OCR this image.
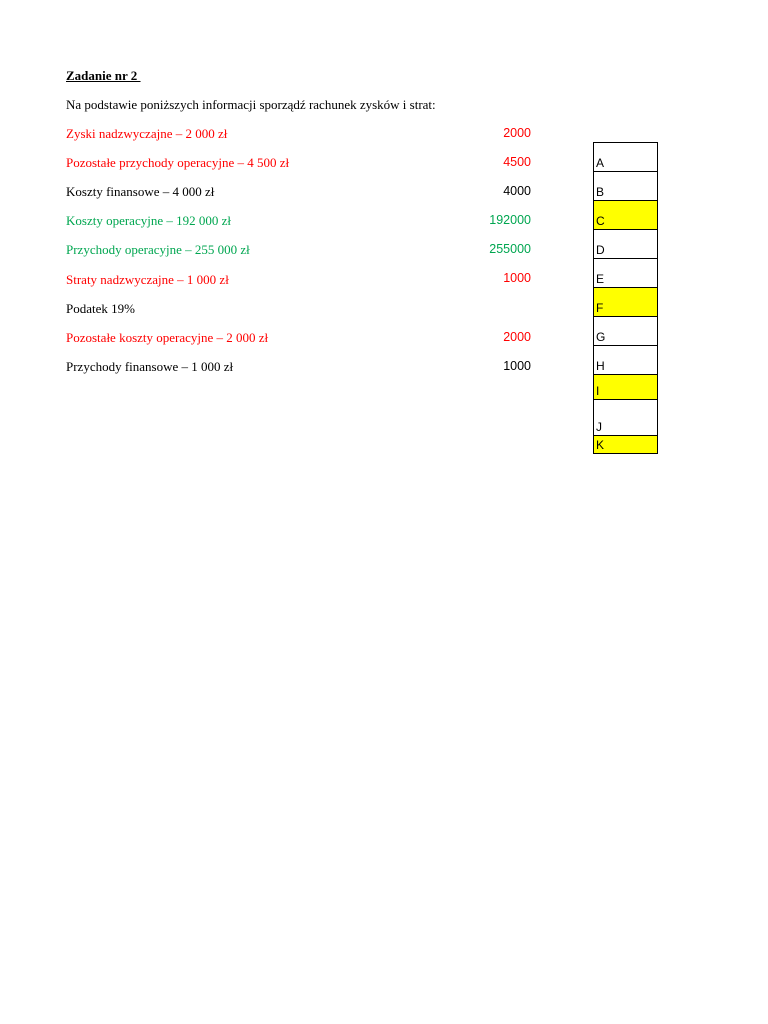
Zadanie nr 2
Na podstawie poniższych informacji sporządź rachunek zysków i strat:
Zyski nadzwyczajne – 2 000 zł	2000
Pozostałe przychody operacyjne – 4 500 zł	4500
Koszty finansowe – 4 000 zł	4000
Koszty operacyjne – 192 000 zł	192000
Przychody operacyjne – 255 000 zł	255000
Straty nadzwyczajne – 1 000 zł	1000
Podatek 19%
Pozostałe koszty operacyjne – 2 000 zł	2000
Przychody finansowe – 1 000 zł	1000
A
B
C
D
E
F
G
H
I
J
K
